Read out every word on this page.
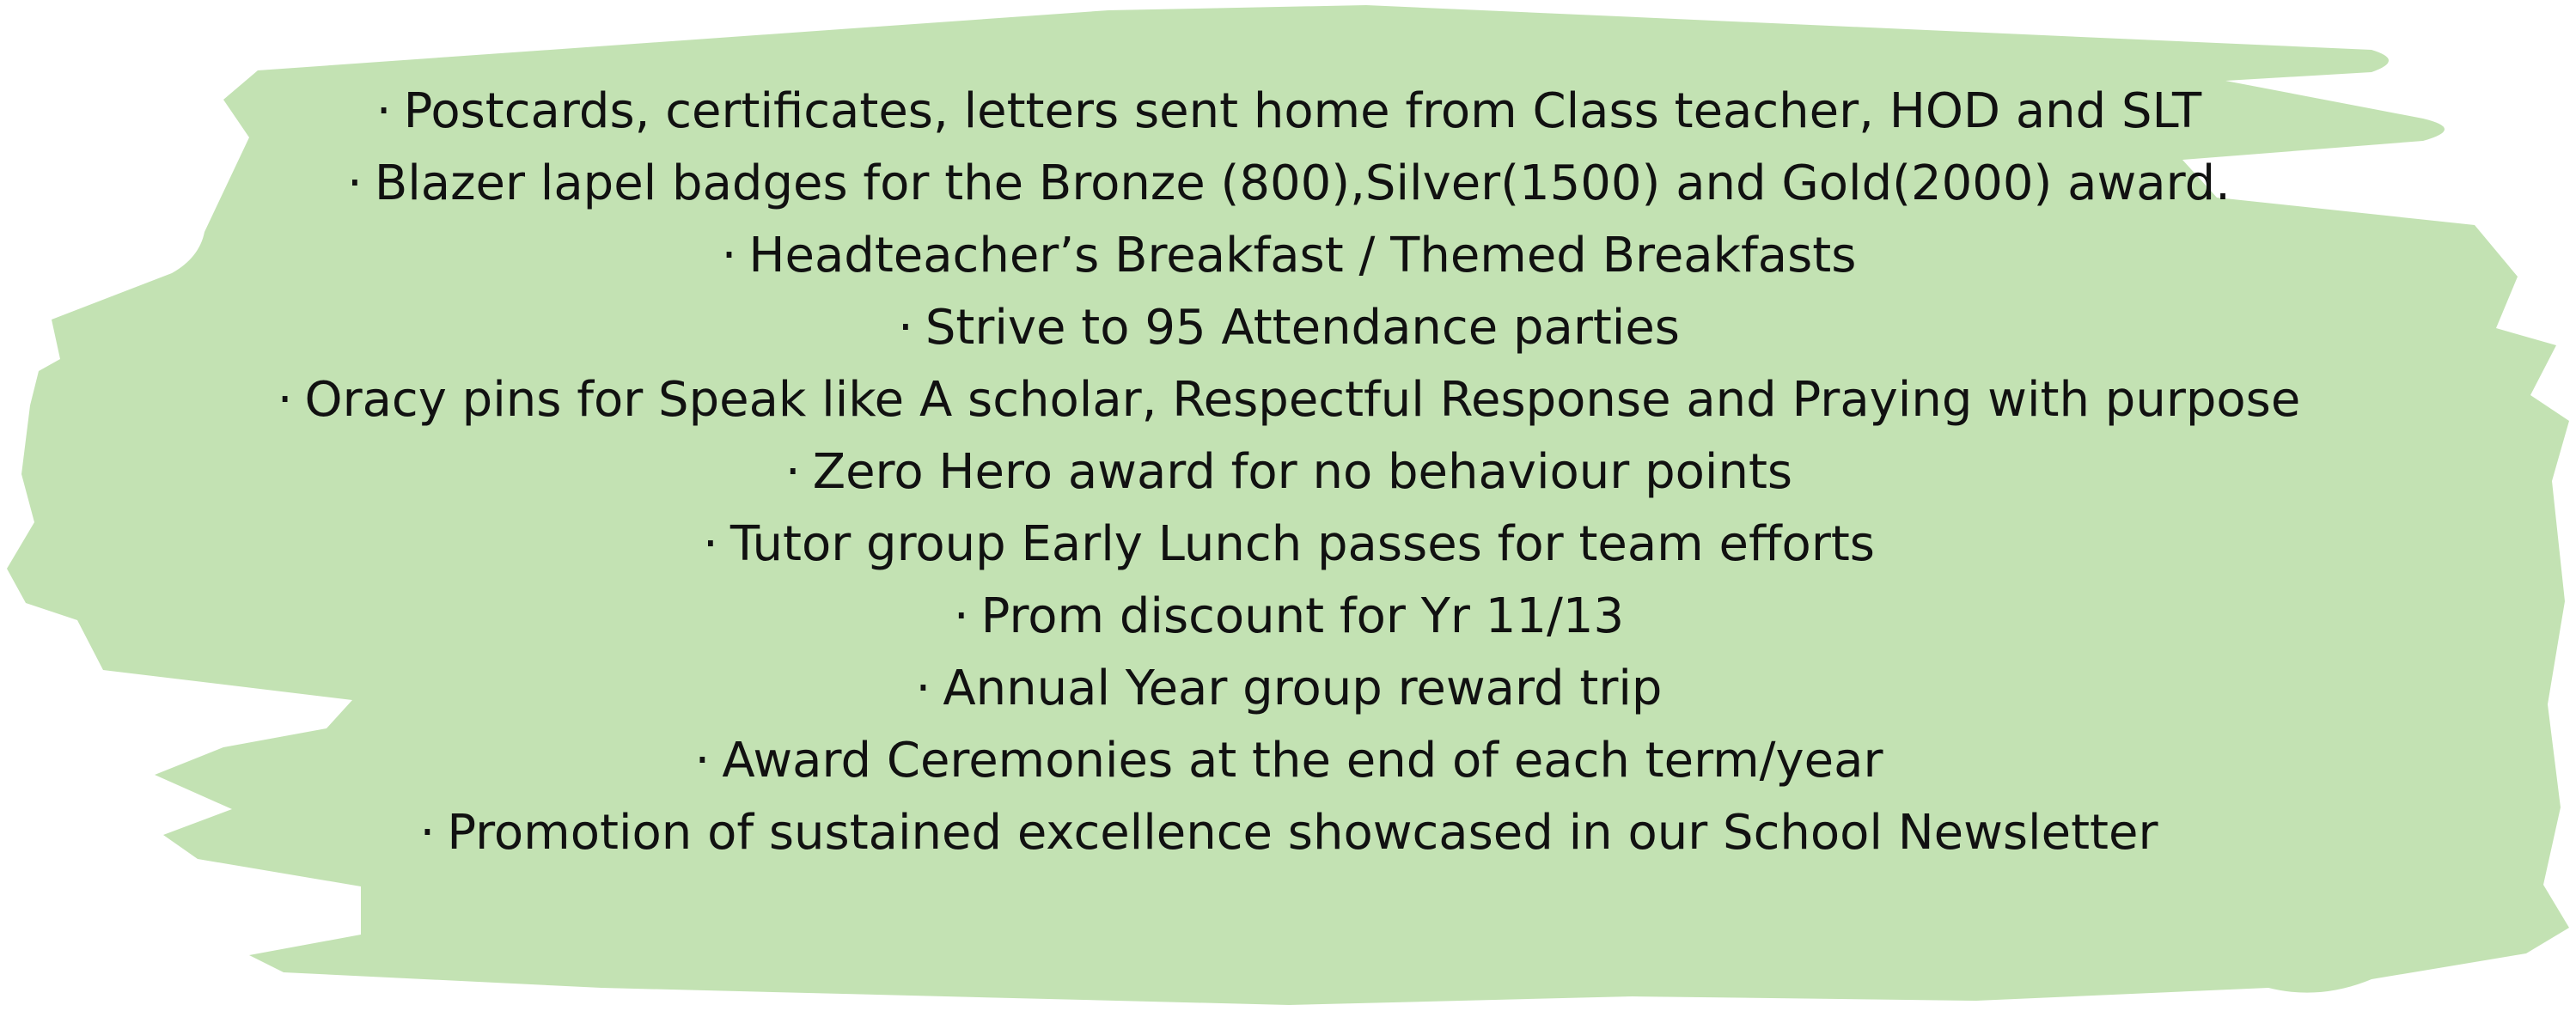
· Postcards, certificates, letters sent home from Class teacher, HOD and SLT
· Blazer lapel badges for the Bronze (800),Silver(1500) and Gold(2000) award.
· Headteacher’s Breakfast / Themed Breakfasts
· Strive to 95 Attendance parties
· Oracy pins for Speak like A scholar, Respectful Response and Praying with purpose
· Zero Hero award for no behaviour points
· Tutor group Early Lunch passes for team efforts
· Prom discount for Yr 11/13
· Annual Year group reward trip
· Award Ceremonies at the end of each term/year
· Promotion of sustained excellence showcased in our School Newsletter
